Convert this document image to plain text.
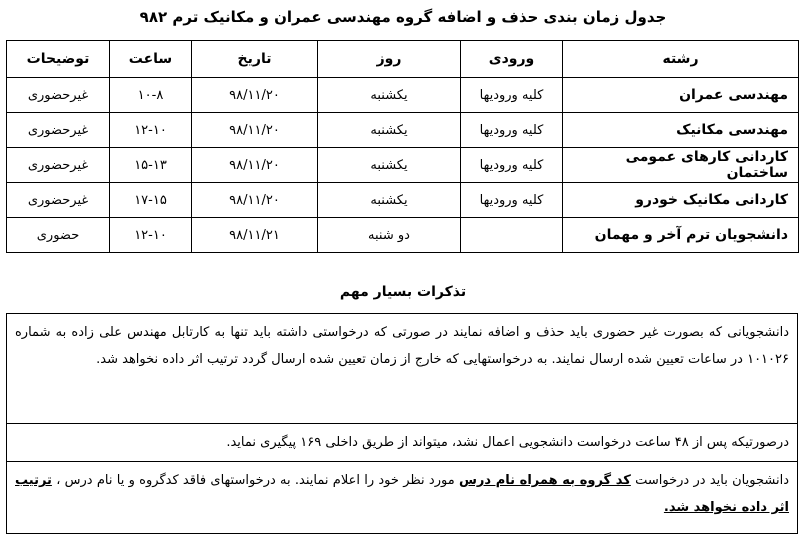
جدول زمان بندی حذف و اضافه گروه مهندسی عمران و مکانیک ترم ۹۸۲
رشته	ورودی	روز	تاریخ	ساعت	توضیحات
مهندسی عمران	کلیه ورودیها	یکشنبه	۹۸/۱۱/۲۰	۱۰-۸	غیرحضوری
مهندسی مکانیک	کلیه ورودیها	یکشنبه	۹۸/۱۱/۲۰	۱۲-۱۰	غیرحضوری
کاردانی کارهای عمومی ساختمان	کلیه ورودیها	یکشنبه	۹۸/۱۱/۲۰	۱۵-۱۳	غیرحضوری
کاردانی مکانیک خودرو	کلیه ورودیها	یکشنبه	۹۸/۱۱/۲۰	۱۷-۱۵	غیرحضوری
دانشجویان ترم آخر و مهمان		دو شنبه	۹۸/۱۱/۲۱	۱۲-۱۰	حضوری
تذکرات بسیار مهم
دانشجویانی که بصورت غیر حضوری باید حذف و اضافه نمایند در صورتی که درخواستی داشته باید تنها به کارتابل مهندس علی زاده به شماره ۱۰۱۰۲۶ در ساعات تعیین شده ارسال نمایند. به درخواستهایی که خارج از زمان تعیین شده ارسال گردد ترتیب اثر داده نخواهد شد.
درصورتیکه پس از ۴۸ ساعت درخواست دانشجویی اعمال نشد، میتواند از طریق داخلی ۱۶۹ پیگیری نماید.
دانشجویان باید در درخواست کد گروه به همراه نام درس مورد نظر خود را اعلام نمایند. به درخواستهای فاقد کدگروه و یا نام درس ، ترتیب اثر داده نخواهد شد.
